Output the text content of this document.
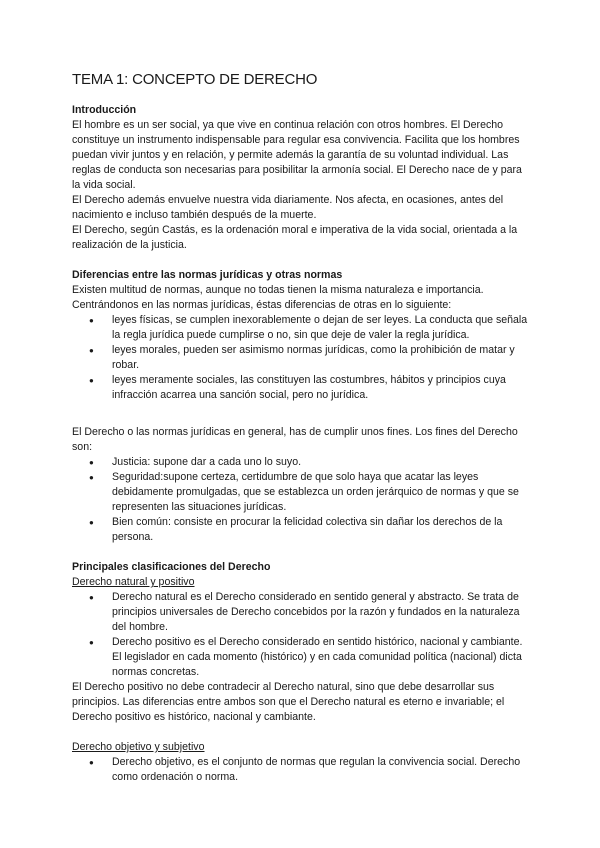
TEMA 1: CONCEPTO DE DERECHO

Introducción

El hombre es un ser social, ya que vive en continua relación con otros hombres. El Derecho constituye un instrumento indispensable para regular esa convivencia. Facilita que los hombres puedan vivir juntos y en relación, y permite además la garantía de su voluntad individual. Las reglas de conducta son necesarias para posibilitar la armonía social. El Derecho nace de y para la vida social.

El Derecho además envuelve nuestra vida diariamente. Nos afecta, en ocasiones, antes del nacimiento e incluso también después de la muerte.

El Derecho, según Castás, es la ordenación moral e imperativa de la vida social, orientada a la realización de la justicia.

Diferencias entre las normas jurídicas y otras normas

Existen multitud de normas, aunque no todas tienen la misma naturaleza e importancia.

Centrándonos en las normas jurídicas, éstas diferencias de otras en lo siguiente:

● leyes físicas, se cumplen inexorablemente o dejan de ser leyes. La conducta que señala la regla jurídica puede cumplirse o no, sin que deje de valer la regla jurídica.
● leyes morales, pueden ser asimismo normas jurídicas, como la prohibición de matar y robar.
● leyes meramente sociales, las constituyen las costumbres, hábitos y principios cuya infracción acarrea una sanción social, pero no jurídica.

El Derecho o las normas jurídicas en general, has de cumplir unos fines. Los fines del Derecho son:

● Justicia: supone dar a cada uno lo suyo.
● Seguridad:supone certeza, certidumbre de que solo haya que acatar las leyes debidamente promulgadas, que se establezca un orden jerárquico de normas y que se representen las situaciones jurídicas.
● Bien común: consiste en procurar la felicidad colectiva sin dañar los derechos de la persona.

Principales clasificaciones del Derecho

Derecho natural y positivo

● Derecho natural es el Derecho considerado en sentido general y abstracto. Se trata de principios universales de Derecho concebidos por la razón y fundados en la naturaleza del hombre.
● Derecho positivo es el Derecho considerado en sentido histórico, nacional y cambiante. El legislador en cada momento (histórico) y en cada comunidad política (nacional) dicta normas concretas.

El Derecho positivo no debe contradecir al Derecho natural, sino que debe desarrollar sus principios. Las diferencias entre ambos son que el Derecho natural es eterno e invariable; el Derecho positivo es histórico, nacional y cambiante.

Derecho objetivo y subjetivo

● Derecho objetivo, es el conjunto de normas que regulan la convivencia social. Derecho como ordenación o norma.
